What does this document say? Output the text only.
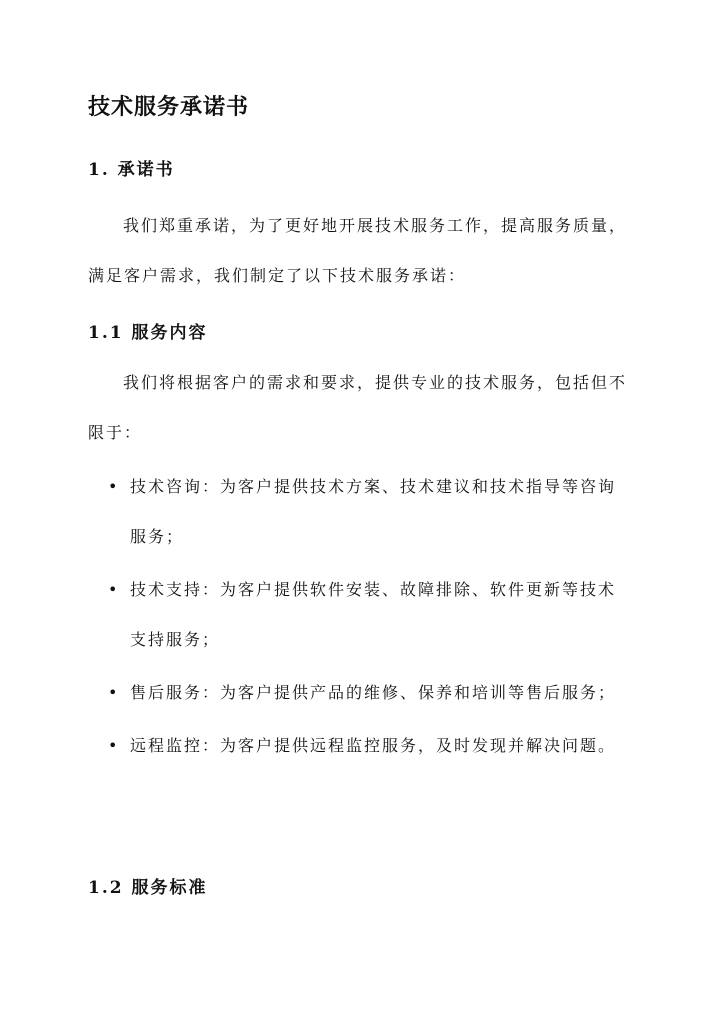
技术服务承诺书
1. 承诺书

我们郑重承诺，为了更好地开展技术服务工作，提高服务质量，满足客户需求，我们制定了以下技术服务承诺：

1.1 服务内容

我们将根据客户的需求和要求，提供专业的技术服务，包括但不限于：

• 技术咨询：为客户提供技术方案、技术建议和技术指导等咨询服务；
• 技术支持：为客户提供软件安装、故障排除、软件更新等技术支持服务；
• 售后服务：为客户提供产品的维修、保养和培训等售后服务；
• 远程监控：为客户提供远程监控服务，及时发现并解决问题。
1.2 服务标准
